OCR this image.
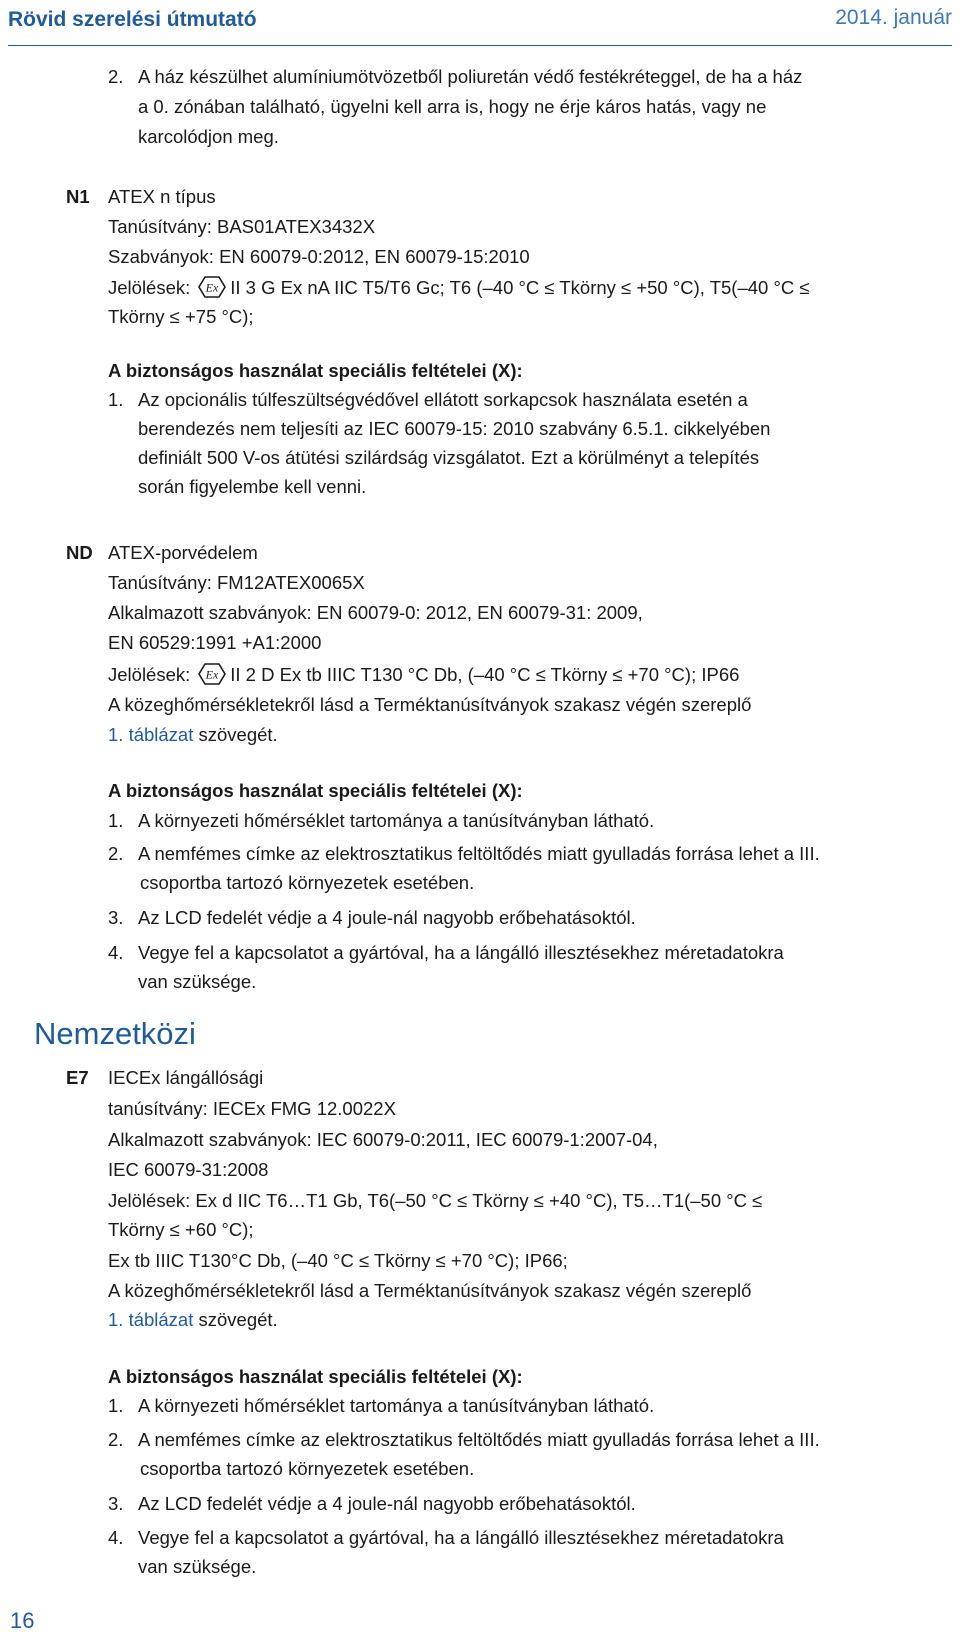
Rövid szerelési útmutató	2014. január
2. A ház készülhet alumíniumötvözetből poliuretán védő festékréteggel, de ha a ház
a 0. zónában található, ügyelni kell arra is, hogy ne érje káros hatás, vagy ne
karcolódjon meg.
N1 ATEX n típus
Tanúsítvány: BAS01ATEX3432X
Szabványok: EN 60079-0:2012, EN 60079-15:2010
Jelölések: Ex II 3 G Ex nA IIC T5/T6 Gc; T6 (–40 °C ≤ Tkörny ≤ +50 °C), T5(–40 °C ≤
Tkörny ≤ +75 °C);
A biztonságos használat speciális feltételei (X):
1. Az opcionális túlfeszültségvédővel ellátott sorkapcsok használata esetén a
berendezés nem teljesíti az IEC 60079-15: 2010 szabvány 6.5.1. cikkelyében
definiált 500 V-os átütési szilárdság vizsgálatot. Ezt a körülményt a telepítés
során figyelembe kell venni.
ND ATEX-porvédelem
Tanúsítvány: FM12ATEX0065X
Alkalmazott szabványok: EN 60079-0: 2012, EN 60079-31: 2009,
EN 60529:1991 +A1:2000
Jelölések: Ex II 2 D Ex tb IIIC T130 °C Db, (–40 °C ≤ Tkörny ≤ +70 °C); IP66
A közeghőmérsékletekről lásd a Terméktanúsítványok szakasz végén szereplő
1. táblázat szövegét.
A biztonságos használat speciális feltételei (X):
1. A környezeti hőmérséklet tartománya a tanúsítványban látható.
2. A nemfémes címke az elektrosztatikus feltöltődés miatt gyulladás forrása lehet a III.
csoportba tartozó környezetek esetében.
3. Az LCD fedelét védje a 4 joule-nál nagyobb erőbehatásoktól.
4. Vegye fel a kapcsolatot a gyártóval, ha a lángálló illesztésekhez méretadatokra
van szüksége.
Nemzetközi
E7 IECEx lángállósági
tanúsítvány: IECEx FMG 12.0022X
Alkalmazott szabványok: IEC 60079-0:2011, IEC 60079-1:2007-04,
IEC 60079-31:2008
Jelölések: Ex d IIC T6…T1 Gb, T6(–50 °C ≤ Tkörny ≤ +40 °C), T5…T1(–50 °C ≤
Tkörny ≤ +60 °C);
Ex tb IIIC T130°C Db, (–40 °C ≤ Tkörny ≤ +70 °C); IP66;
A közeghőmérsékletekről lásd a Terméktanúsítványok szakasz végén szereplő
1. táblázat szövegét.
A biztonságos használat speciális feltételei (X):
1. A környezeti hőmérséklet tartománya a tanúsítványban látható.
2. A nemfémes címke az elektrosztatikus feltöltődés miatt gyulladás forrása lehet a III.
csoportba tartozó környezetek esetében.
3. Az LCD fedelét védje a 4 joule-nál nagyobb erőbehatásoktól.
4. Vegye fel a kapcsolatot a gyártóval, ha a lángálló illesztésekhez méretadatokra
van szüksége.
16
